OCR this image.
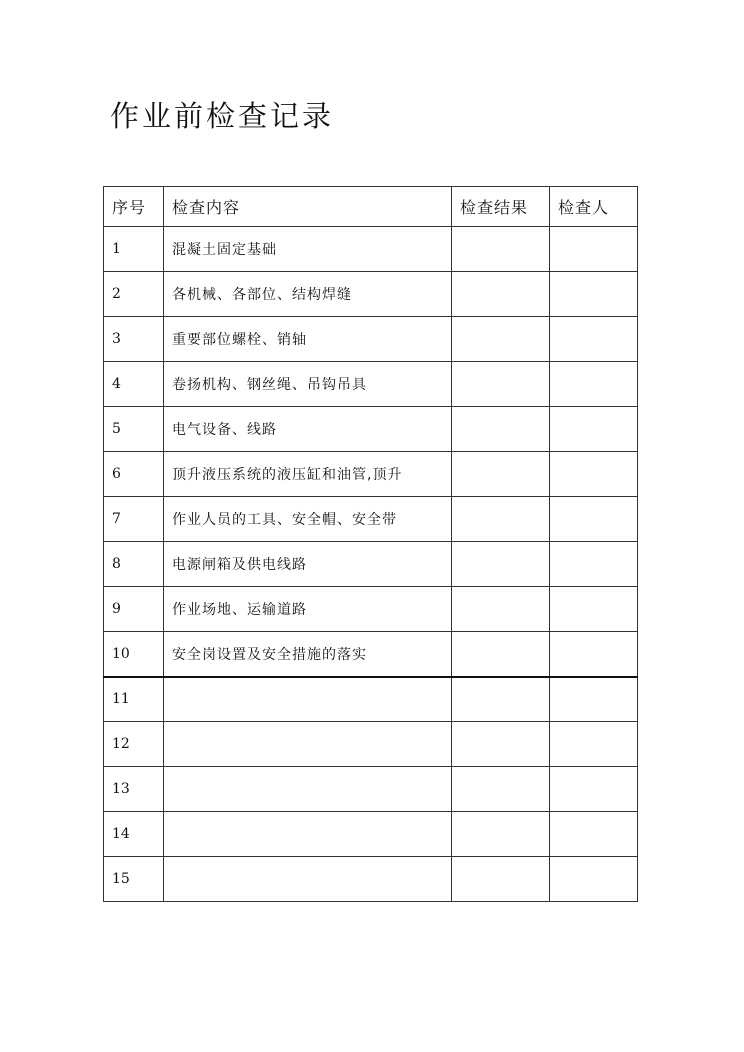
作业前检查记录
序号	检查内容	检查结果	检查人
1	混凝土固定基础		
2	各机械、各部位、结构焊缝		
3	重要部位螺栓、销轴		
4	卷扬机构、钢丝绳、吊钩吊具		
5	电气设备、线路		
6	顶升液压系统的液压缸和油管,顶升		
7	作业人员的工具、安全帽、安全带		
8	电源闸箱及供电线路		
9	作业场地、运输道路		
10	安全岗设置及安全措施的落实		
11			
12			
13			
14			
15			
